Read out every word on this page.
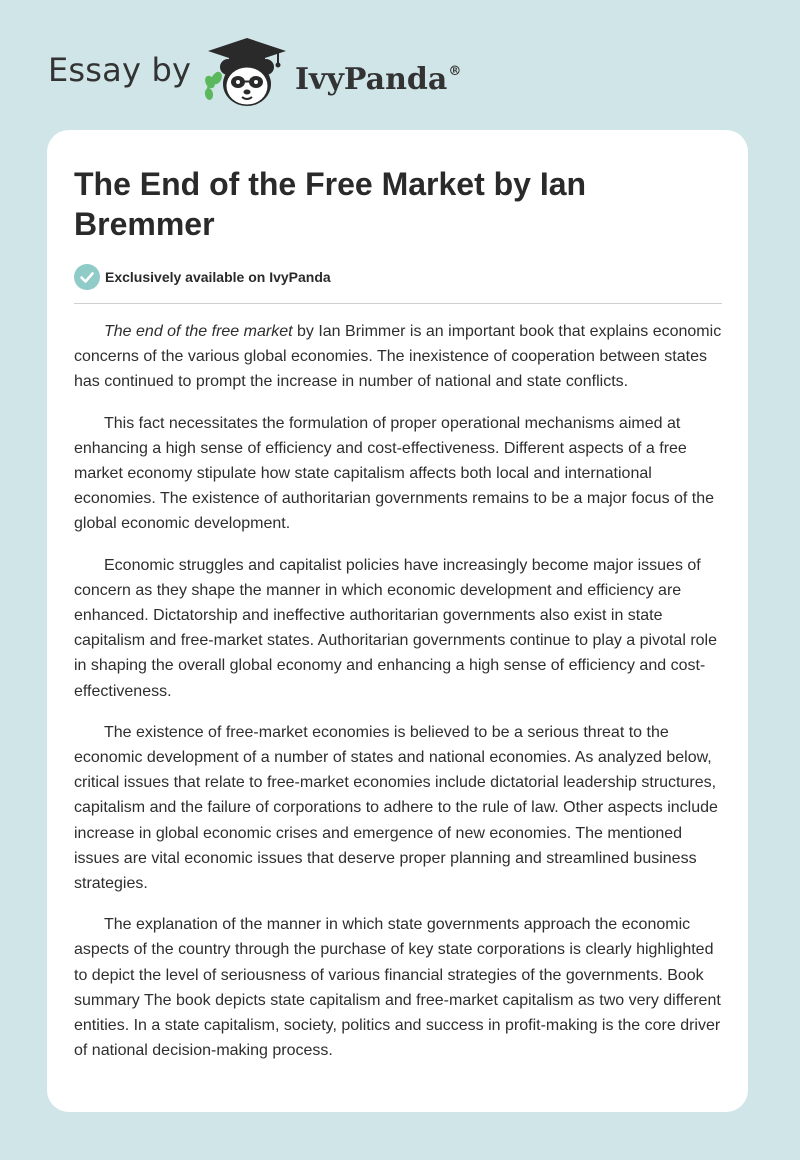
Essay by	IvyPanda®
The End of the Free Market by Ian Bremmer
Exclusively available on IvyPanda

The end of the free market by Ian Brimmer is an important book that explains economic concerns of the various global economies. The inexistence of cooperation between states has continued to prompt the increase in number of national and state conflicts.

This fact necessitates the formulation of proper operational mechanisms aimed at enhancing a high sense of efficiency and cost-effectiveness. Different aspects of a free market economy stipulate how state capitalism affects both local and international economies. The existence of authoritarian governments remains to be a major focus of the global economic development.

Economic struggles and capitalist policies have increasingly become major issues of concern as they shape the manner in which economic development and efficiency are enhanced. Dictatorship and ineffective authoritarian governments also exist in state capitalism and free-market states. Authoritarian governments continue to play a pivotal role in shaping the overall global economy and enhancing a high sense of efficiency and cost-effectiveness.

The existence of free-market economies is believed to be a serious threat to the economic development of a number of states and national economies. As analyzed below, critical issues that relate to free-market economies include dictatorial leadership structures, capitalism and the failure of corporations to adhere to the rule of law. Other aspects include increase in global economic crises and emergence of new economies. The mentioned issues are vital economic issues that deserve proper planning and streamlined business strategies.

The explanation of the manner in which state governments approach the economic aspects of the country through the purchase of key state corporations is clearly highlighted to depict the level of seriousness of various financial strategies of the governments. Book summary The book depicts state capitalism and free-market capitalism as two very different entities. In a state capitalism, society, politics and success in profit-making is the core driver of national decision-making process.
